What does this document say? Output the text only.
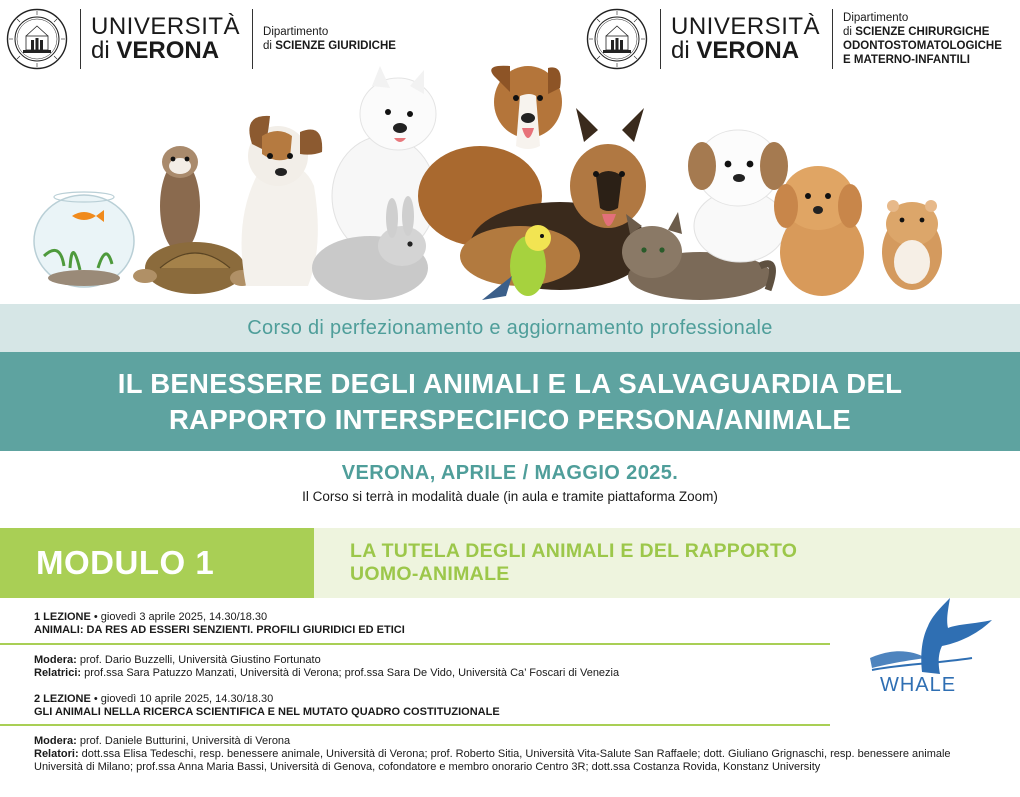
UNIVERSITÀ
di VERONA
Dipartimento
di SCIENZE GIURIDICHE
UNIVERSITÀ
di VERONA
Dipartimento
di SCIENZE CHIRURGICHE
ODONTOSTOMATOLOGICHE
E MATERNO-INFANTILI
Corso di perfezionamento e aggiornamento professionale
IL BENESSERE DEGLI ANIMALI E LA SALVAGUARDIA DEL
RAPPORTO INTERSPECIFICO PERSONA/ANIMALE
VERONA, APRILE / MAGGIO 2025.
Il Corso si terrà in modalità duale (in aula e tramite piattaforma Zoom)
MODULO 1	LA TUTELA DEGLI ANIMALI E DEL RAPPORTO
UOMO-ANIMALE
1 LEZIONE • giovedì 3 aprile 2025, 14.30/18.30
ANIMALI: DA RES AD ESSERI SENZIENTI. PROFILI GIURIDICI ED ETICI
Modera: prof. Dario Buzzelli, Università Giustino Fortunato
Relatrici: prof.ssa Sara Patuzzo Manzati, Università di Verona; prof.ssa Sara De Vido, Università Ca’ Foscari di Venezia
2 LEZIONE • giovedì 10 aprile 2025, 14.30/18.30
GLI ANIMALI NELLA RICERCA SCIENTIFICA E NEL MUTATO QUADRO COSTITUZIONALE
Modera: prof. Daniele Butturini, Università di Verona
Relatori: dott.ssa Elisa Tedeschi, resp. benessere animale, Università di Verona; prof. Roberto Sitia, Università Vita-Salute San Raffaele; dott. Giuliano Grignaschi, resp. benessere animale Università di Milano; prof.ssa Anna Maria Bassi, Università di Genova, cofondatore e membro onorario Centro 3R; dott.ssa Costanza Rovida, Konstanz University
WHALE
